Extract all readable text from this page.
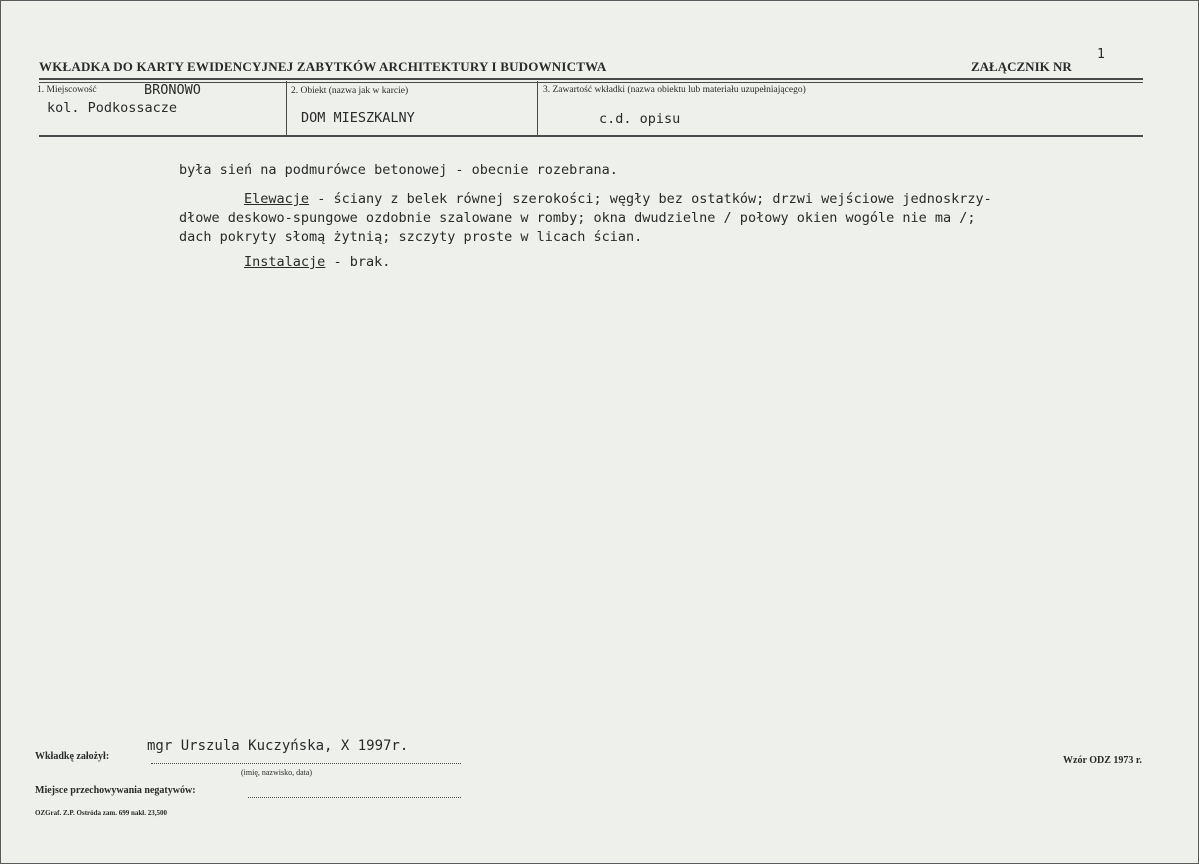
WKŁADKA DO KARTY EWIDENCYJNEJ ZABYTKÓW ARCHITEKTURY I BUDOWNICTWA	ZAŁĄCZNIK NR
1
1. Miejscowość	BRONOWO
kol. Podkossacze
2. Obiekt (nazwa jak w karcie)
DOM MIESZKALNY
3. Zawartość wkładki (nazwa obiektu lub materiału uzupełniającego)
c.d. opisu

była sień na podmurówce betonowej - obecnie rozebrana.

Elewacje - ściany z belek równej szerokości; węgły bez ostatków; drzwi wejściowe jednoskrzy-

dłowe deskowo-spungowe ozdobnie szalowane w romby; okna dwudzielne / połowy okien wogóle nie ma /;

dach pokryty słomą żytnią; szczyty proste w licach ścian.

Instalacje - brak.

Wkładkę założył:
mgr Urszula Kuczyńska, X 1997r.
(imię, nazwisko, data)
Miejsce przechowywania negatywów:
OZGraf. Z.P. Ostróda zam. 699 nakł. 23,500
Wzór ODZ 1973 r.
